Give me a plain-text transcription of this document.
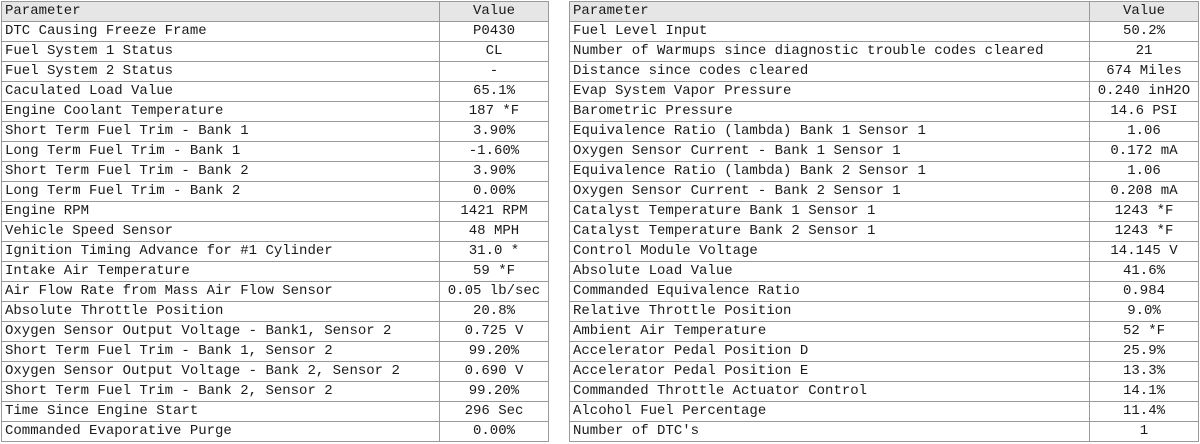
Parameter	Value
DTC Causing Freeze Frame	P0430
Fuel System 1 Status	CL
Fuel System 2 Status	-
Caculated Load Value	65.1%
Engine Coolant Temperature	187 *F
Short Term Fuel Trim - Bank 1	3.90%
Long Term Fuel Trim - Bank 1	-1.60%
Short Term Fuel Trim - Bank 2	3.90%
Long Term Fuel Trim - Bank 2	0.00%
Engine RPM	1421 RPM
Vehicle Speed Sensor	48 MPH
Ignition Timing Advance for #1 Cylinder	31.0 *
Intake Air Temperature	59 *F
Air Flow Rate from Mass Air Flow Sensor	0.05 lb/sec
Absolute Throttle Position	20.8%
Oxygen Sensor Output Voltage - Bank1, Sensor 2	0.725 V
Short Term Fuel Trim - Bank 1, Sensor 2	99.20%
Oxygen Sensor Output Voltage - Bank 2, Sensor 2	0.690 V
Short Term Fuel Trim - Bank 2, Sensor 2	99.20%
Time Since Engine Start	296 Sec
Commanded Evaporative Purge	0.00%
Parameter	Value
Fuel Level Input	50.2%
Number of Warmups since diagnostic trouble codes cleared	21
Distance since codes cleared	674 Miles
Evap System Vapor Pressure	0.240 inH2O
Barometric Pressure	14.6 PSI
Equivalence Ratio (lambda) Bank 1 Sensor 1	1.06
Oxygen Sensor Current - Bank 1 Sensor 1	0.172 mA
Equivalence Ratio (lambda) Bank 2 Sensor 1	1.06
Oxygen Sensor Current - Bank 2 Sensor 1	0.208 mA
Catalyst Temperature Bank 1 Sensor 1	1243 *F
Catalyst Temperature Bank 2 Sensor 1	1243 *F
Control Module Voltage	14.145 V
Absolute Load Value	41.6%
Commanded Equivalence Ratio	0.984
Relative Throttle Position	9.0%
Ambient Air Temperature	52 *F
Accelerator Pedal Position D	25.9%
Accelerator Pedal Position E	13.3%
Commanded Throttle Actuator Control	14.1%
Alcohol Fuel Percentage	11.4%
Number of DTC's	1
